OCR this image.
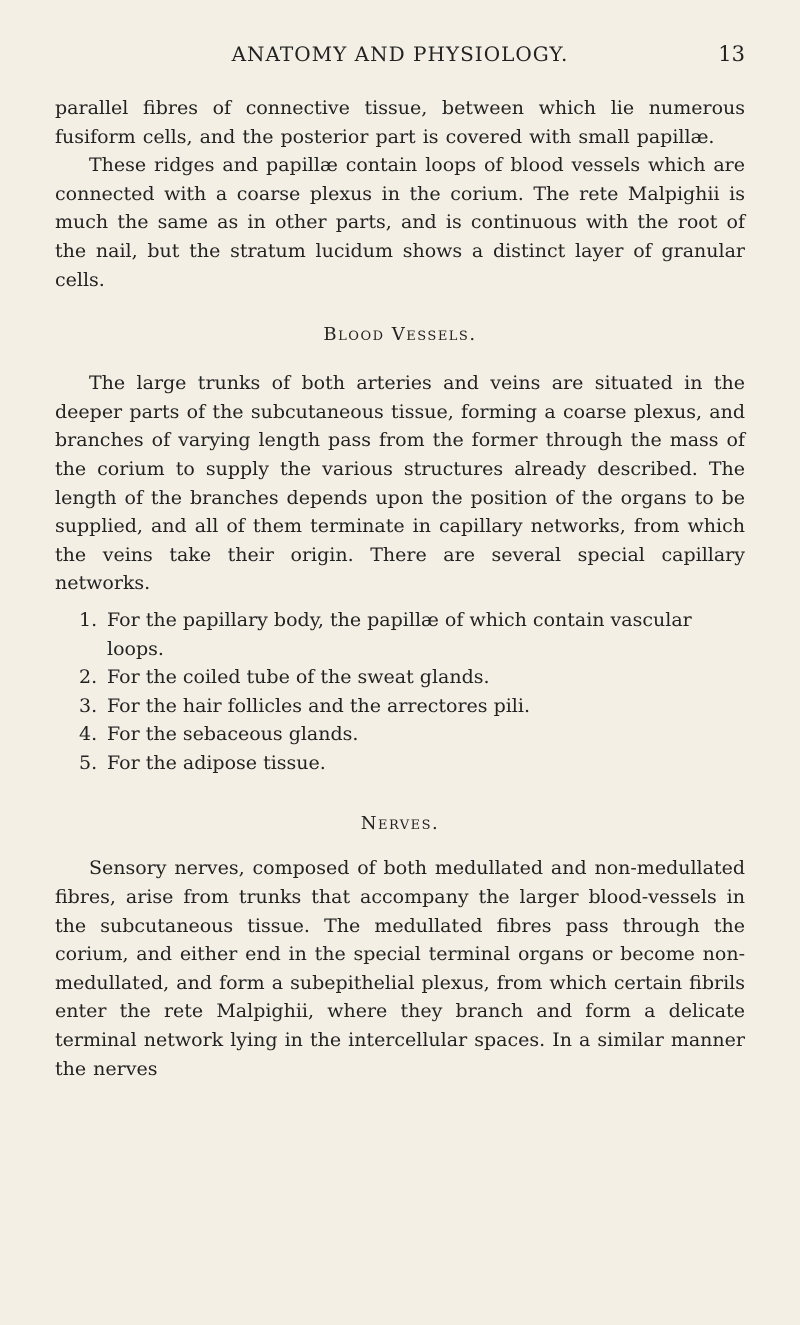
ANATOMY AND PHYSIOLOGY.	13

parallel fibres of connective tissue, between which lie numerous fusiform cells, and the posterior part is covered with small papillæ.

These ridges and papillæ contain loops of blood vessels which are connected with a coarse plexus in the corium. The rete Malpighii is much the same as in other parts, and is continuous with the root of the nail, but the stratum lucidum shows a distinct layer of granular cells.

Blood Vessels.

The large trunks of both arteries and veins are situated in the deeper parts of the subcutaneous tissue, forming a coarse plexus, and branches of varying length pass from the former through the mass of the corium to supply the various structures already described. The length of the branches depends upon the position of the organs to be supplied, and all of them terminate in capillary networks, from which the veins take their origin. There are several special capillary networks.

1. For the papillary body, the papillæ of which contain vascular loops.
2. For the coiled tube of the sweat glands.
3. For the hair follicles and the arrectores pili.
4. For the sebaceous glands.
5. For the adipose tissue.
Nerves.

Sensory nerves, composed of both medullated and non-medullated fibres, arise from trunks that accompany the larger blood-vessels in the subcutaneous tissue. The medullated fibres pass through the corium, and either end in the special terminal organs or become non-medullated, and form a subepithelial plexus, from which certain fibrils enter the rete Malpighii, where they branch and form a delicate terminal network lying in the intercellular spaces. In a similar manner the nerves
